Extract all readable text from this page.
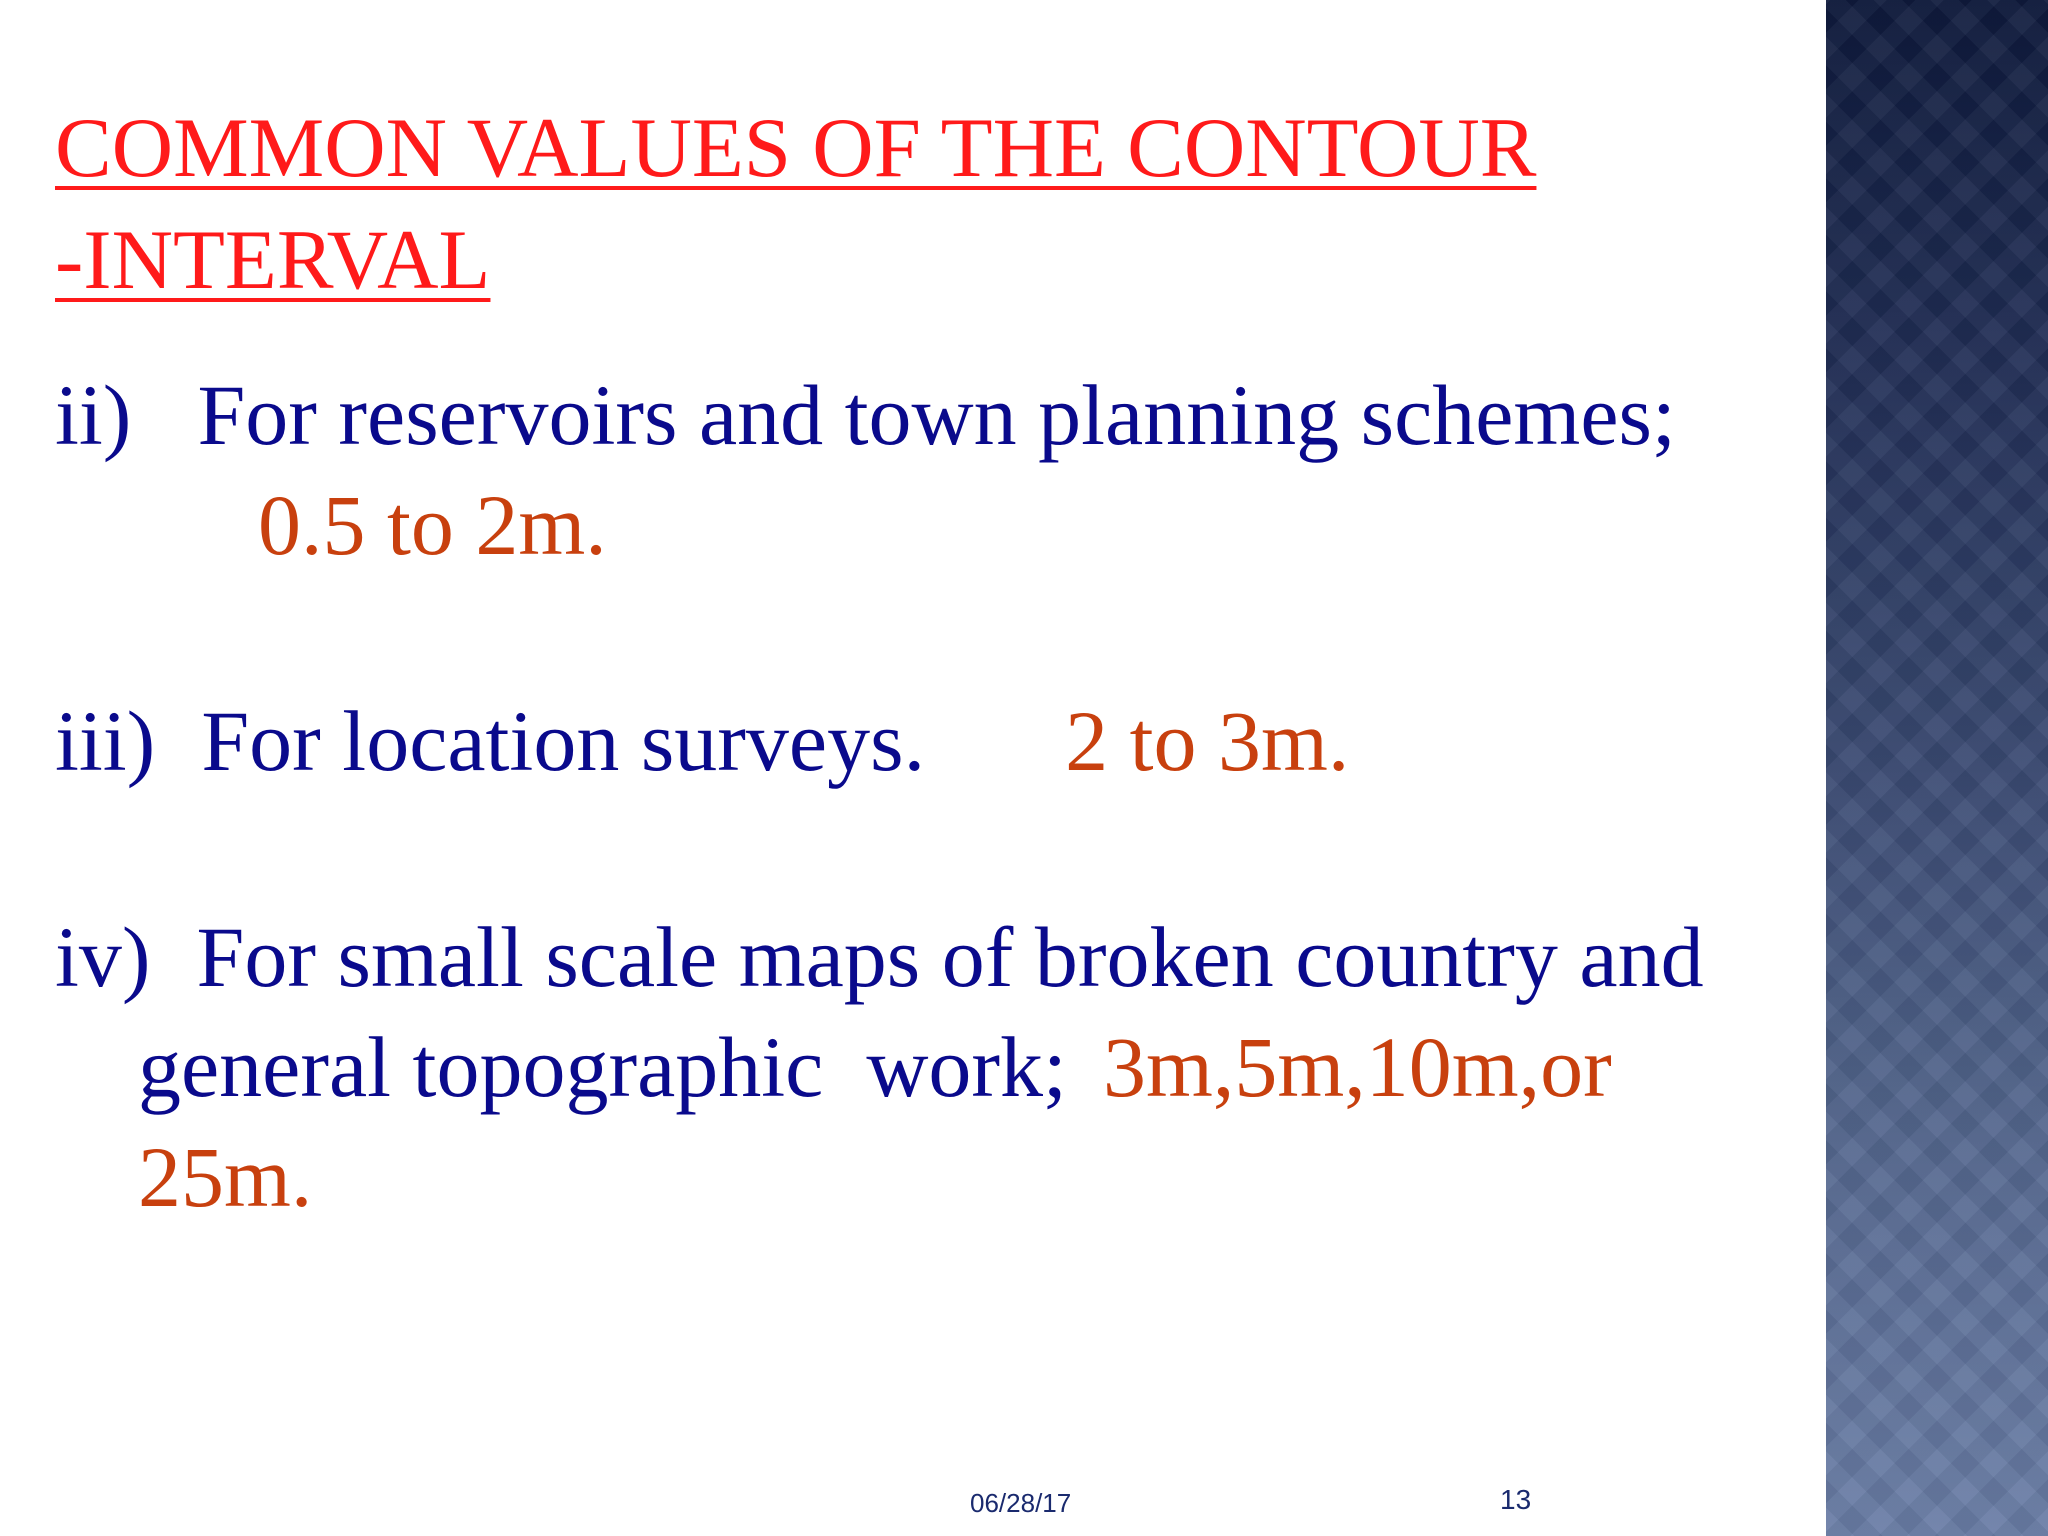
COMMON VALUES OF THE CONTOUR
-INTERVAL
ii) For reservoirs and town planning schemes;
0.5 to 2m.
iii) For location surveys. 2 to 3m.
iv) For small scale maps of broken country and
general topographic  work; 3m,5m,10m,or
25m.
06/28/17	13
